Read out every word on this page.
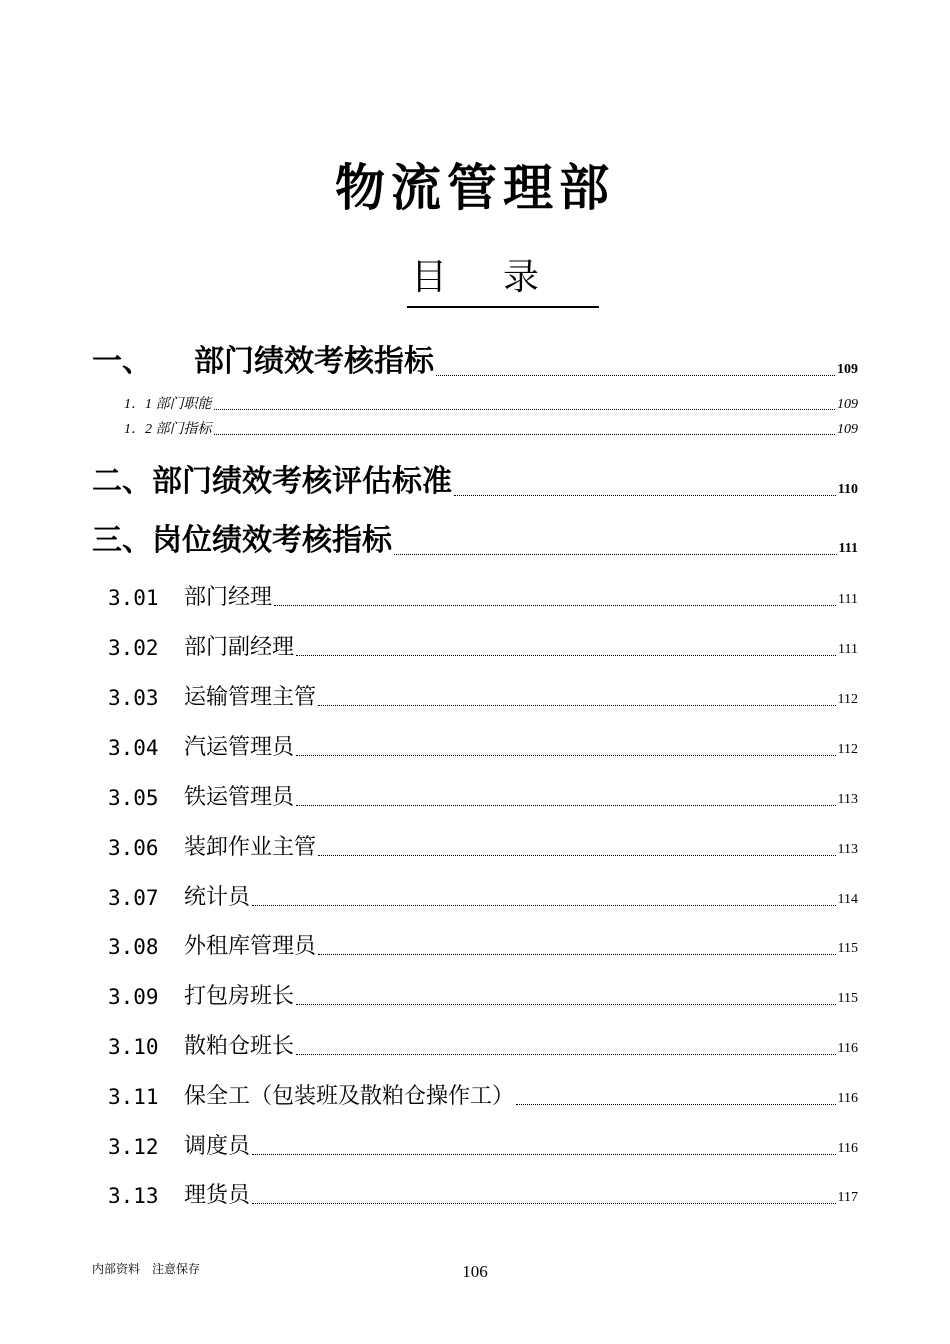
物流管理部
目录
一、 部门绩效考核指标	109
1．1 部门职能	109
1．2 部门指标	109
二、部门绩效考核评估标准	110
三、岗位绩效考核指标	111
3.01	部门经理	111
3.02	部门副经理	111
3.03	运输管理主管	112
3.04	汽运管理员	112
3.05	铁运管理员	113
3.06	装卸作业主管	113
3.07	统计员	114
3.08	外租库管理员	115
3.09	打包房班长	115
3.10	散粕仓班长	116
3.11	保全工（包装班及散粕仓操作工）	116
3.12	调度员	116
3.13	理货员	117
内部资料　注意保存	106
